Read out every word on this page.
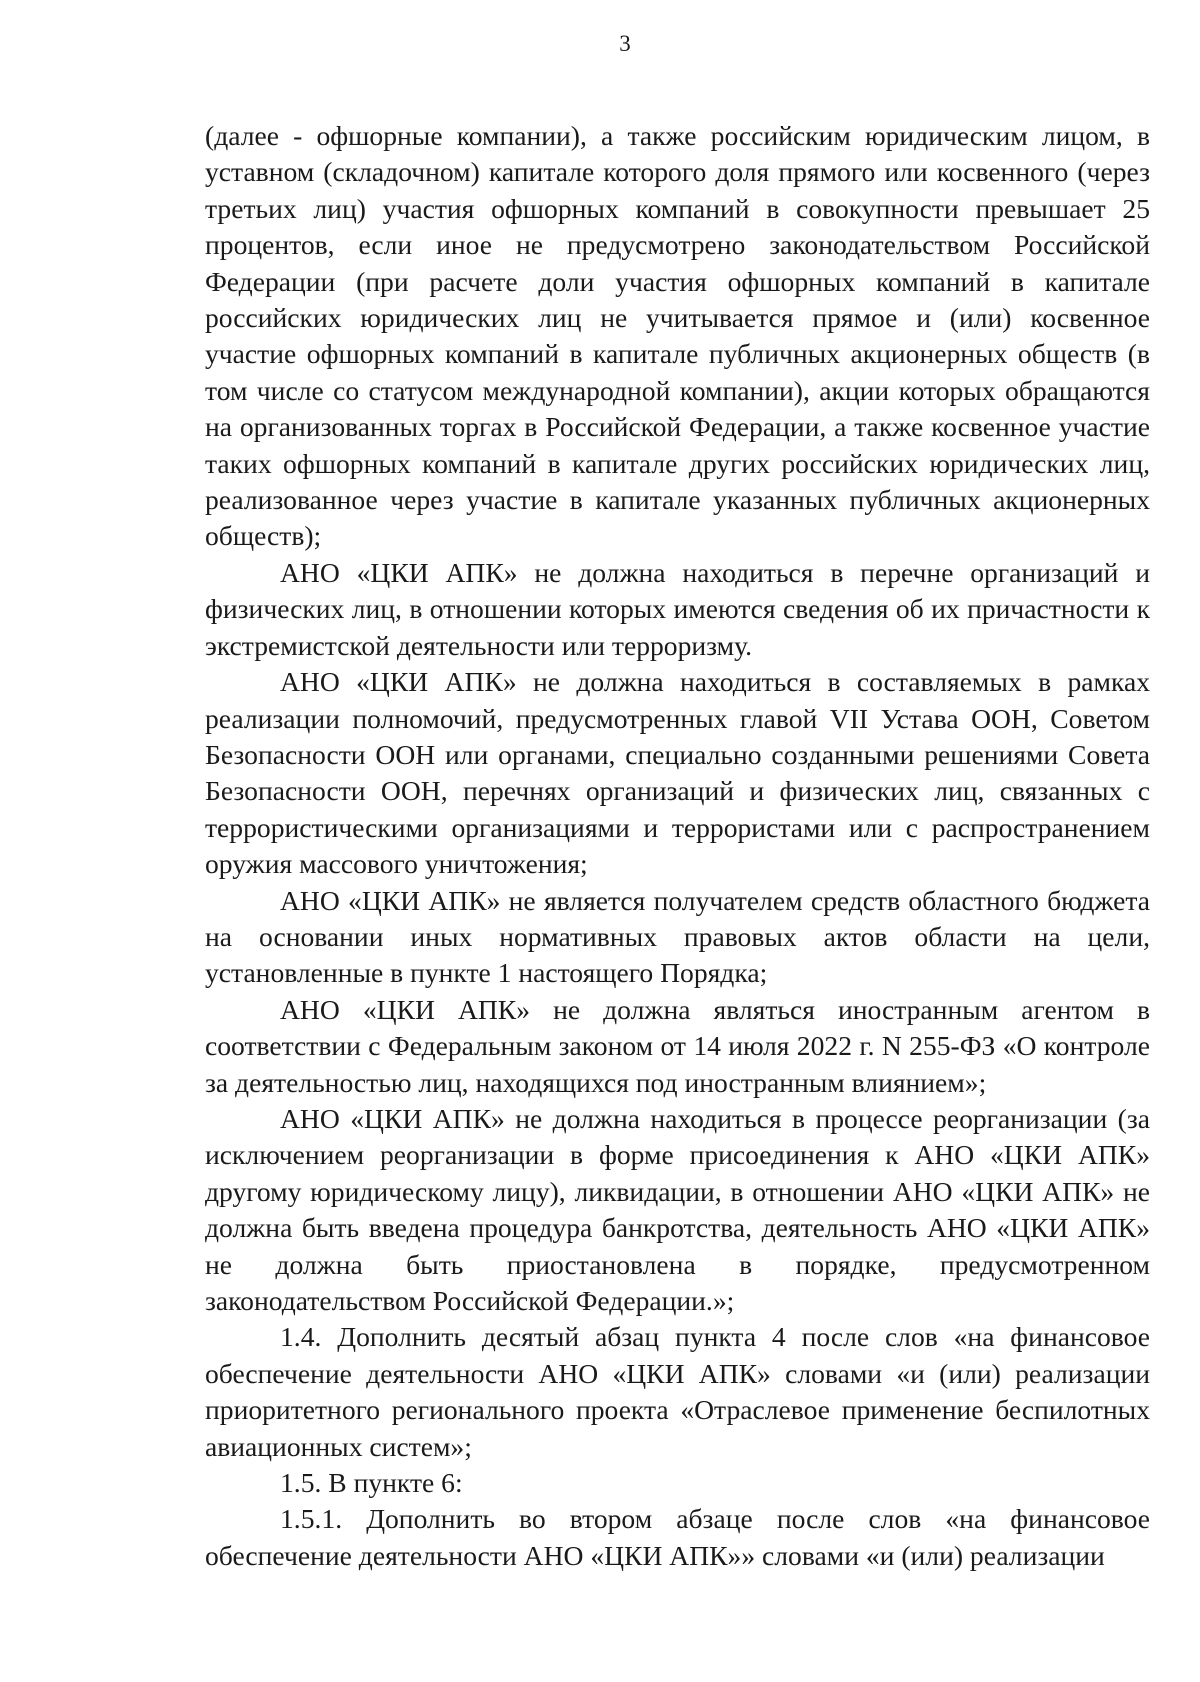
3

(далее - офшорные компании), а также российским юридическим лицом, в уставном (складочном) капитале которого доля прямого или косвенного (через третьих лиц) участия офшорных компаний в совокупности превышает 25 процентов, если иное не предусмотрено законодательством Российской Федерации (при расчете доли участия офшорных компаний в капитале российских юридических лиц не учитывается прямое и (или) косвенное участие офшорных компаний в капитале публичных акционерных обществ (в том числе со статусом международной компании), акции которых обращаются на организованных торгах в Российской Федерации, а также косвенное участие таких офшорных компаний в капитале других российских юридических лиц, реализованное через участие в капитале указанных публичных акционерных обществ);

АНО «ЦКИ АПК» не должна находиться в перечне организаций и физических лиц, в отношении которых имеются сведения об их причастности к экстремистской деятельности или терроризму.

АНО «ЦКИ АПК» не должна находиться в составляемых в рамках реализации полномочий, предусмотренных главой VII Устава ООН, Советом Безопасности ООН или органами, специально созданными решениями Совета Безопасности ООН, перечнях организаций и физических лиц, связанных с террористическими организациями и террористами или с распространением оружия массового уничтожения;

АНО «ЦКИ АПК» не является получателем средств областного бюджета на основании иных нормативных правовых актов области на цели, установленные в пункте 1 настоящего Порядка;

АНО «ЦКИ АПК» не должна являться иностранным агентом в соответствии с Федеральным законом от 14 июля 2022 г. N 255-ФЗ «О контроле за деятельностью лиц, находящихся под иностранным влиянием»;

АНО «ЦКИ АПК» не должна находиться в процессе реорганизации (за исключением реорганизации в форме присоединения к АНО «ЦКИ АПК» другому юридическому лицу), ликвидации, в отношении АНО «ЦКИ АПК» не должна быть введена процедура банкротства, деятельность АНО «ЦКИ АПК» не должна быть приостановлена в порядке, предусмотренном законодательством Российской Федерации.»;

1.4. Дополнить десятый абзац пункта 4 после слов «на финансовое обеспечение деятельности АНО «ЦКИ АПК» словами «и (или) реализации приоритетного регионального проекта «Отраслевое применение беспилотных авиационных систем»;

1.5. В пункте 6:

1.5.1. Дополнить во втором абзаце после слов «на финансовое обеспечение деятельности АНО «ЦКИ АПК»» словами «и (или) реализации
